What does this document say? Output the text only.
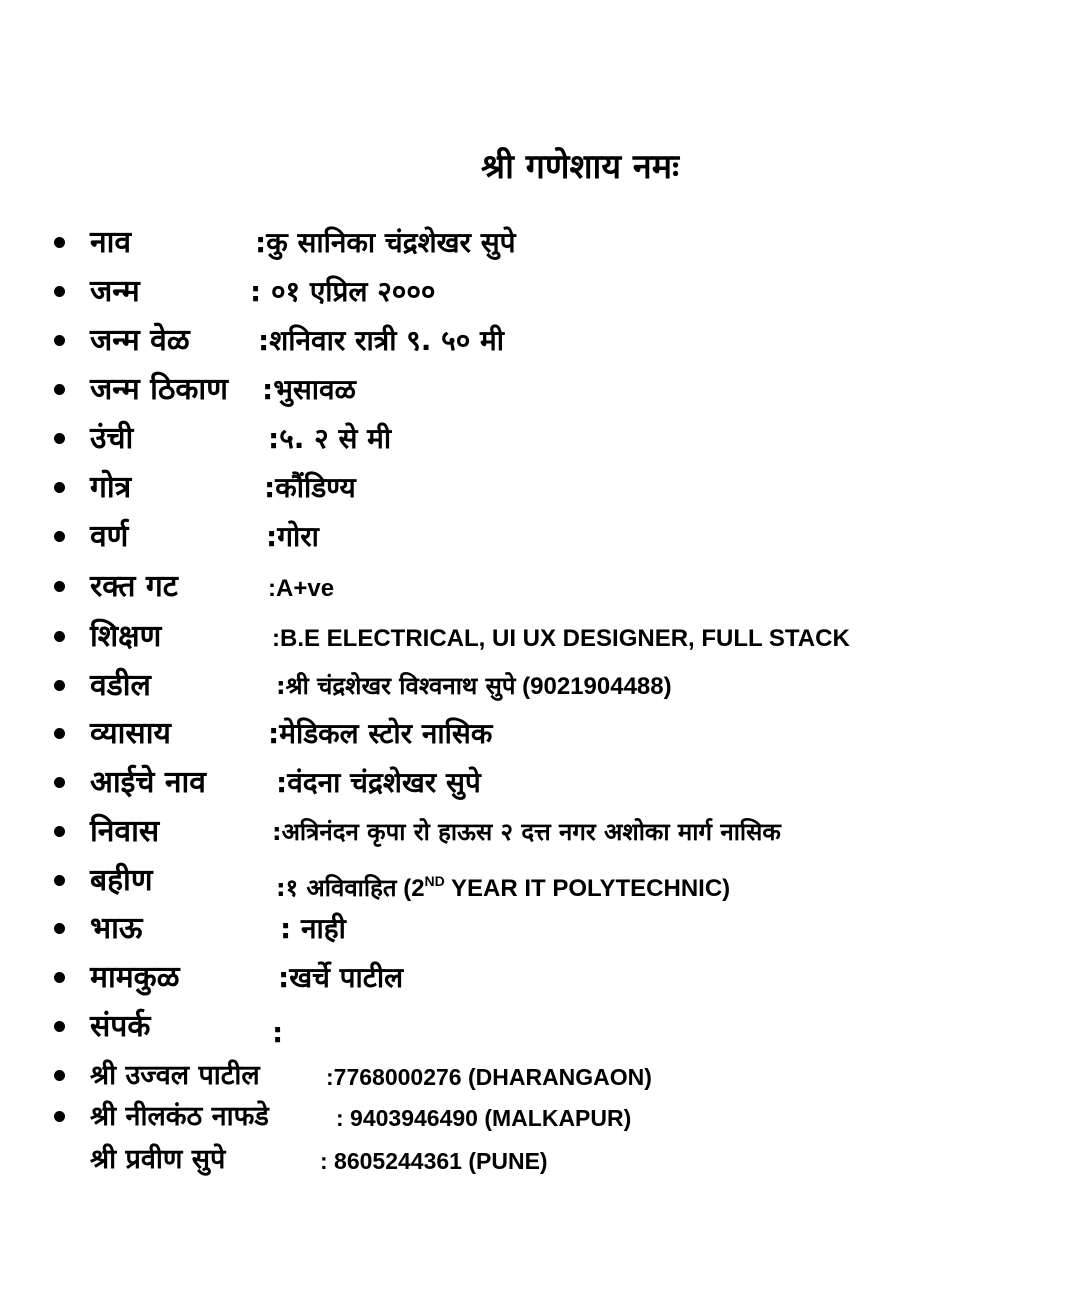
श्री गणेशाय नमः
नाव	:कु सानिका चंद्रशेखर सुपे
जन्म	: ०१ एप्रिल २०००
जन्म वेळ :शनिवार रात्री ९. ५० मी
जन्म ठिकाण :भुसावळ
उंची	:५. २ से मी
गोत्र	:कौंडिण्य
वर्ण	:गोरा
रक्त गट	:A+ve
शिक्षण	:B.E ELECTRICAL, UI UX DESIGNER, FULL STACK
वडील	:श्री चंद्रशेखर विश्वनाथ सुपे (9021904488)
व्यासाय	:मेडिकल स्टोर नासिक
आईचे नाव	:वंदना चंद्रशेखर सुपे
निवास	:अत्रिनंदन कृपा रो हाऊस २ दत्त नगर अशोका मार्ग नासिक
बहीण	:१ अविवाहित (2ND YEAR IT POLYTECHNIC)
भाऊ	: नाही
मामकुळ	:खर्चे पाटील
संपर्क	:
श्री उज्वल पाटील	:7768000276 (DHARANGAON)
श्री नीलकंठ नाफडे	: 9403946490 (MALKAPUR)
श्री प्रवीण सुपे	: 8605244361 (PUNE)
